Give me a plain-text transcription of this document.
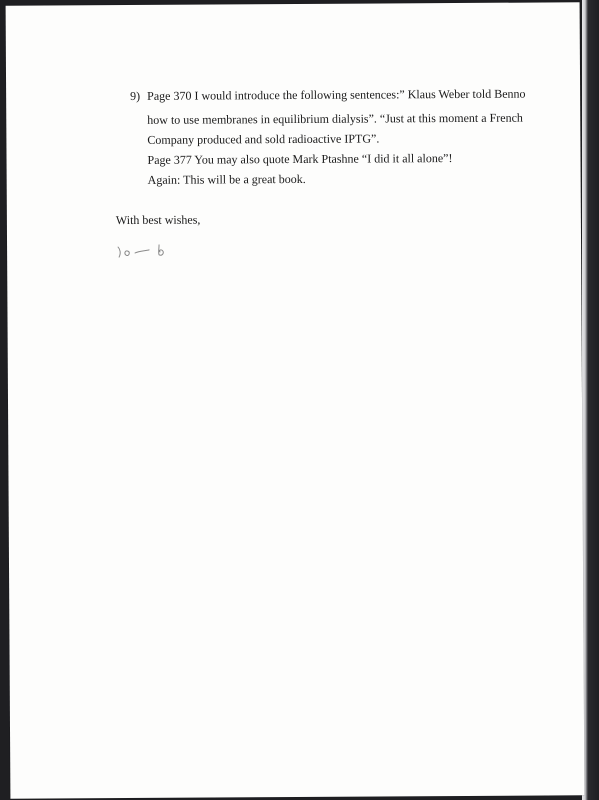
9) Page 370 I would introduce the following sentences:” Klaus Weber told Benno
how to use membranes in equilibrium dialysis”. “Just at this moment a French
Company produced and sold radioactive IPTG”.
Page 377 You may also quote Mark Ptashne “I did it all alone”!
Again: This will be a great book.
With best wishes,
